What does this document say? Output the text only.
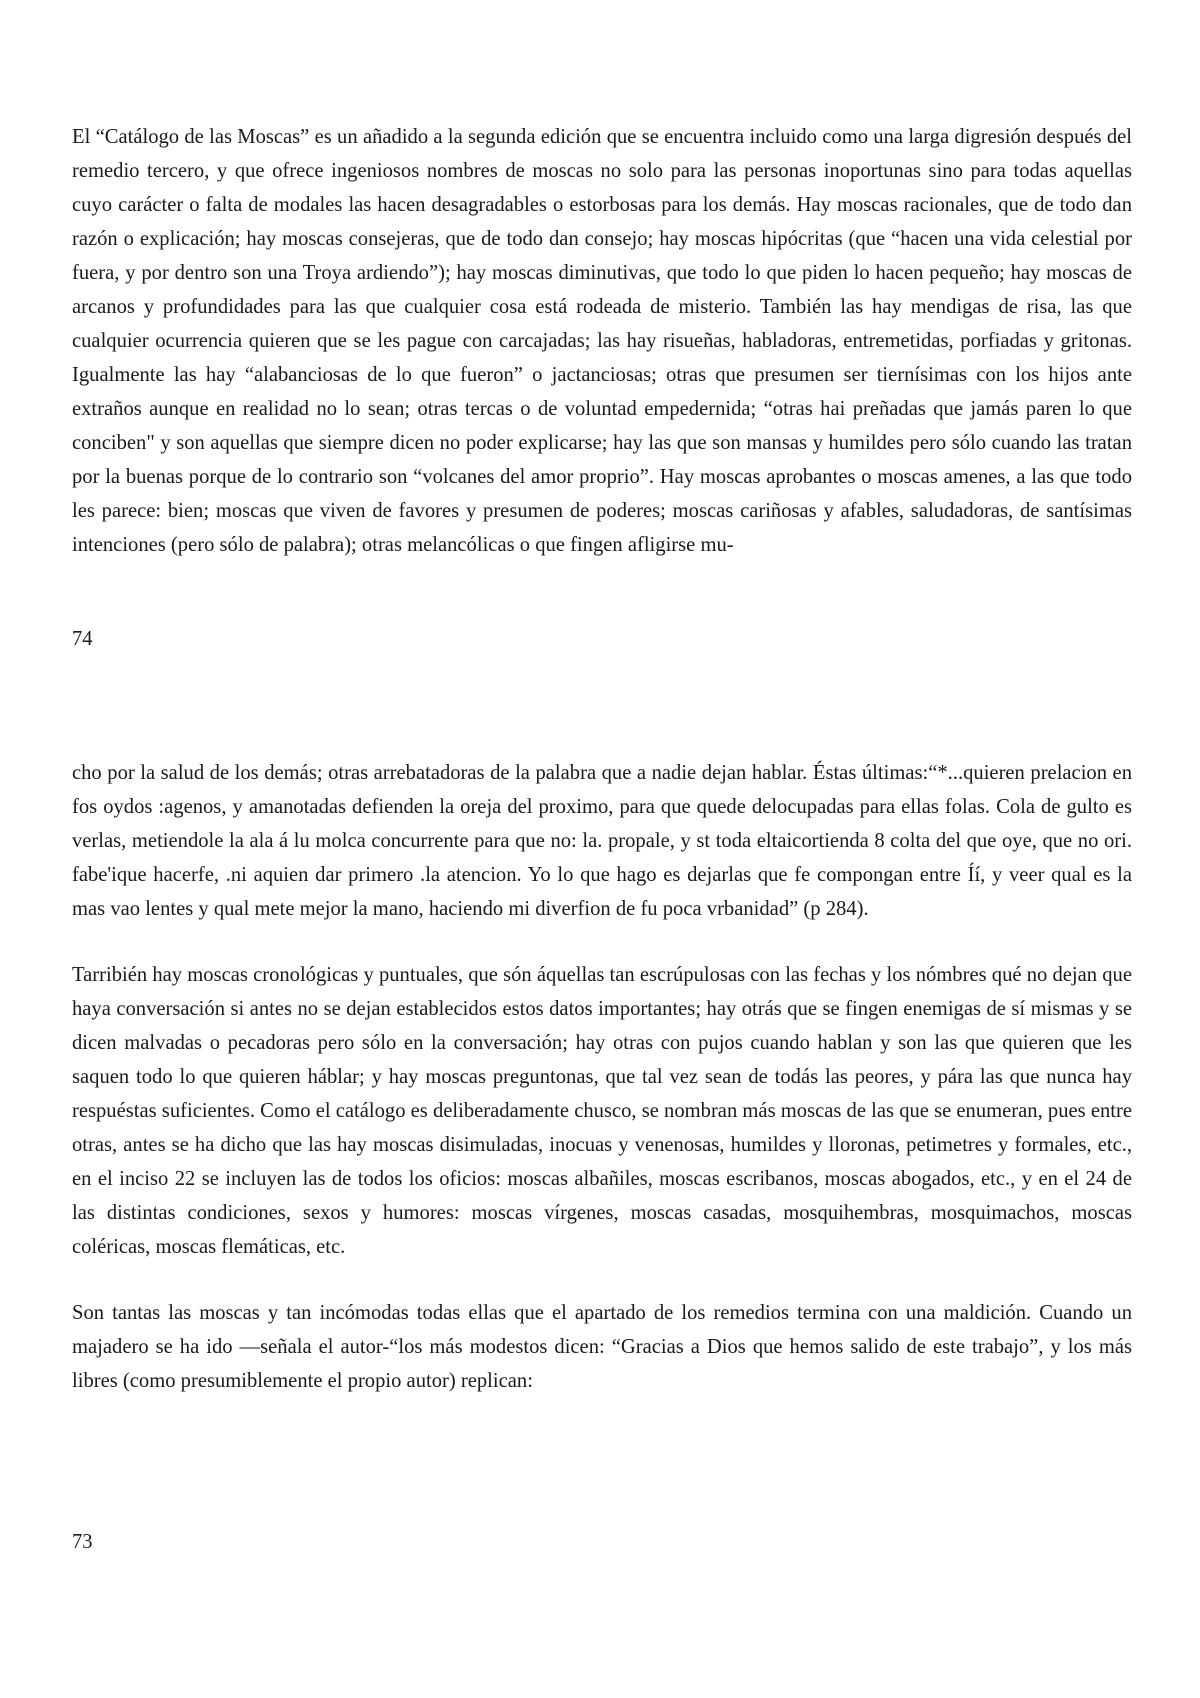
El “Catálogo de las Moscas” es un añadido a la segunda edición que se encuentra incluido como una larga digresión después del remedio tercero, y que ofrece ingeniosos nombres de moscas no solo para las personas inoportunas sino para todas aquellas cuyo carácter o falta de modales las hacen desagradables o estorbosas para los demás. Hay moscas racionales, que de todo dan razón o explicación; hay moscas consejeras, que de todo dan consejo; hay moscas hipócritas (que “hacen una vida celestial por fuera, y por dentro son una Troya ardiendo”); hay moscas diminutivas, que todo lo que piden lo hacen pequeño; hay moscas de arcanos y profundidades para las que cualquier cosa está rodeada de misterio. También las hay mendigas de risa, las que cualquier ocurrencia quieren que se les pague con carcajadas; las hay risueñas, habladoras, entremetidas, porfiadas y gritonas. Igualmente las hay “alabanciosas de lo que fueron” o jactanciosas; otras que presumen ser tiernísimas con los hijos ante extraños aunque en realidad no lo sean; otras tercas o de voluntad empedernida; “otras hai preñadas que jamás paren lo que conciben" y son aquellas que siempre dicen no poder explicarse; hay las que son mansas y humildes pero sólo cuando las tratan por la buenas porque de lo contrario son “volcanes del amor proprio”. Hay moscas aprobantes o moscas amenes, a las que todo les parece: bien; moscas que viven de favores y presumen de poderes; moscas cariñosas y afables, saludadoras, de santísimas intenciones (pero sólo de palabra); otras melancólicas o que fingen afligirse mu-

74

cho por la salud de los demás; otras arrebatadoras de la palabra que a nadie dejan hablar. Éstas últimas:“*...quieren prelacion en fos oydos :agenos, y amanotadas defienden la oreja del proximo, para que quede delocupadas para ellas folas. Cola de gulto es verlas, metiendole la ala á lu molca concurrente para que no: la. propale, y st toda eltaicortienda 8 colta del que oye, que no ori. fabe'ique hacerfe, .ni aquien dar primero .la atencion. Yo lo que hago es dejarlas que fe compongan entre Íí, y veer qual es la mas vao lentes y qual mete mejor la mano, haciendo mi diverfion de fu poca vrbanidad” (p 284).

Tarribién hay moscas cronológicas y puntuales, que són áquellas tan escrúpulosas con las fechas y los nómbres qué no dejan que haya conversación si antes no se dejan establecidos estos datos importantes; hay otrás que se fingen enemigas de sí mismas y se dicen malvadas o pecadoras pero sólo en la conversación; hay otras con pujos cuando hablan y son las que quieren que les saquen todo lo que quieren háblar; y hay moscas preguntonas, que tal vez sean de todás las peores, y pára las que nunca hay respuéstas suficientes. Como el catálogo es deliberadamente chusco, se nombran más moscas de las que se enumeran, pues entre otras, antes se ha dicho que las hay moscas disimuladas, inocuas y venenosas, humildes y lloronas, petimetres y formales, etc., en el inciso 22 se incluyen las de todos los oficios: moscas albañiles, moscas escribanos, moscas abogados, etc., y en el 24 de las distintas condiciones, sexos y humores: moscas vírgenes, moscas casadas, mosquihembras, mosquimachos, moscas coléricas, moscas flemáticas, etc.

Son tantas las moscas y tan incómodas todas ellas que el apartado de los remedios termina con una maldición. Cuando un majadero se ha ido —señala el autor-“los más modestos dicen: “Gracias a Dios que hemos salido de este trabajo”, y los más libres (como presumiblemente el propio autor) replican:

73
